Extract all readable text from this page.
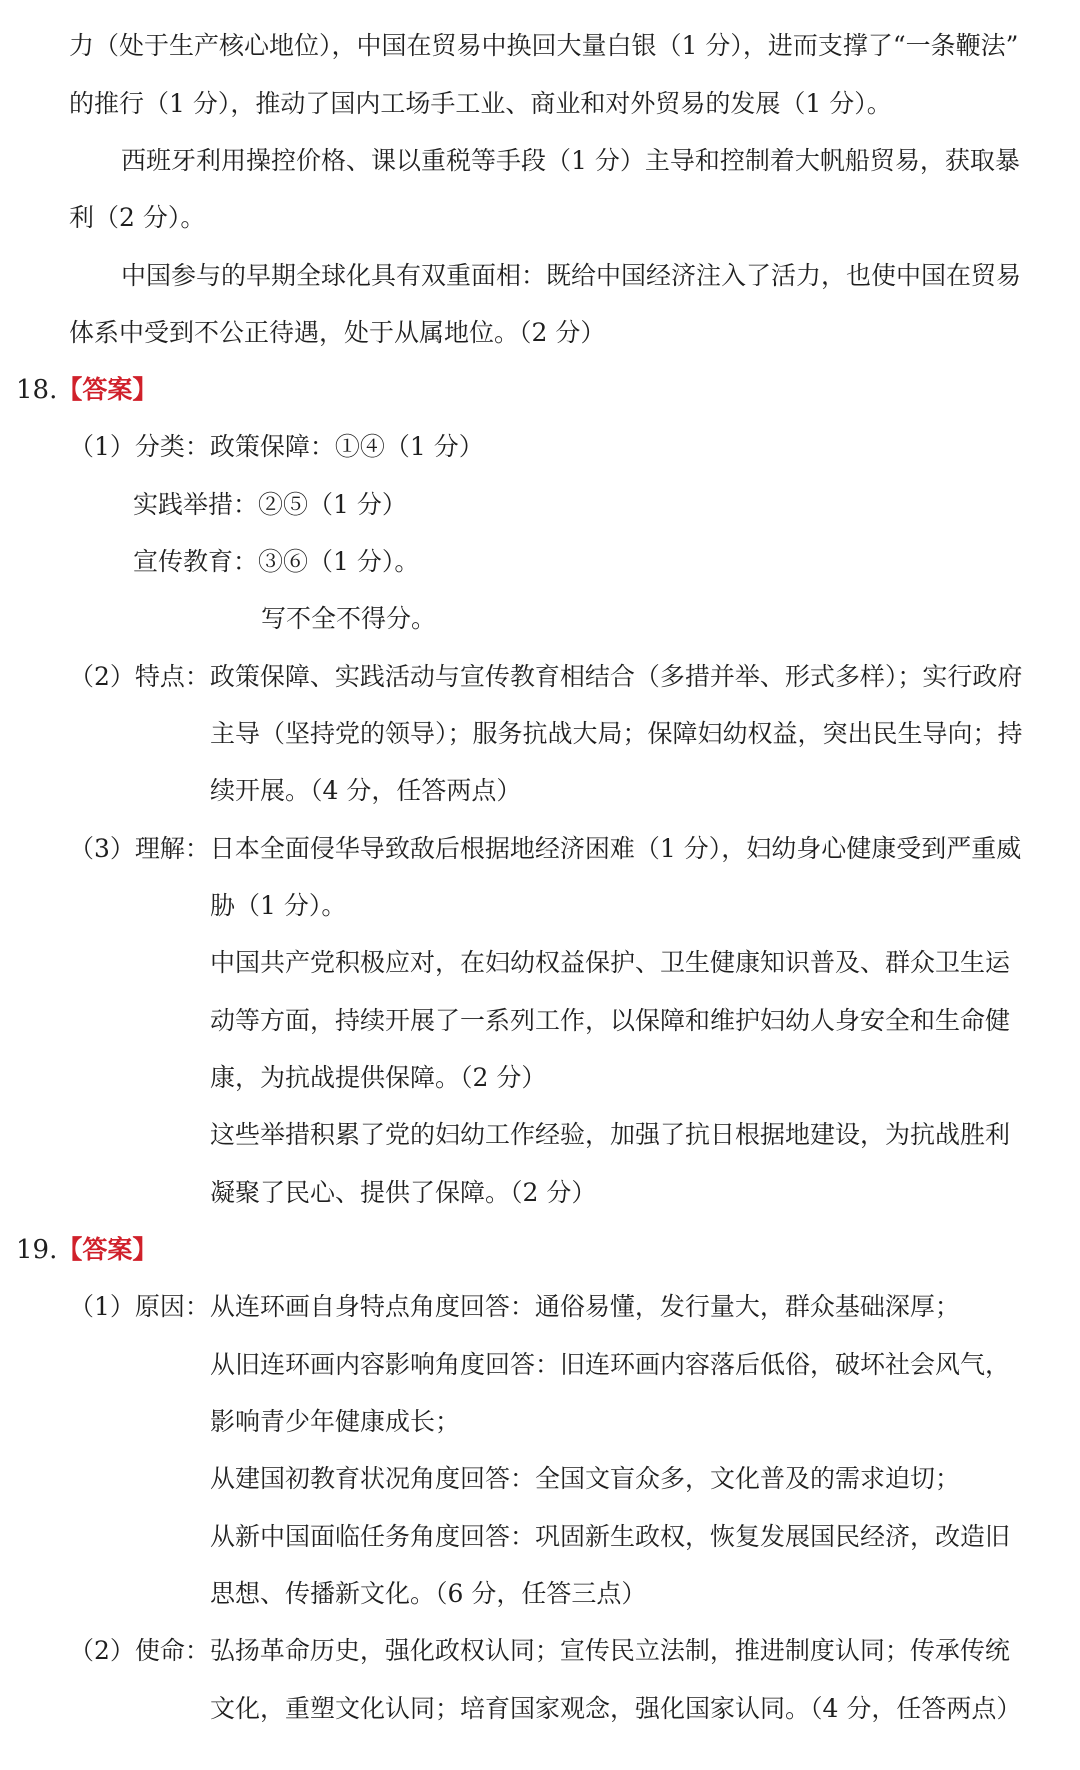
力（处于生产核心地位），中国在贸易中换回大量白银（1 分），进而支撑了“一条鞭法”
的推行（1 分），推动了国内工场手工业、商业和对外贸易的发展（1 分）。
西班牙利用操控价格、课以重税等手段（1 分）主导和控制着大帆船贸易，获取暴
利（2 分）。
中国参与的早期全球化具有双重面相：既给中国经济注入了活力，也使中国在贸易
体系中受到不公正待遇，处于从属地位。（2 分）
18.【答案】
（1）分类：政策保障：①④（1 分）
实践举措：②⑤（1 分）
宣传教育：③⑥（1 分）。
写不全不得分。
（2）特点：政策保障、实践活动与宣传教育相结合（多措并举、形式多样）；实行政府
主导（坚持党的领导）；服务抗战大局；保障妇幼权益，突出民生导向；持
续开展。（4 分，任答两点）
（3）理解：日本全面侵华导致敌后根据地经济困难（1 分），妇幼身心健康受到严重威
胁（1 分）。
中国共产党积极应对，在妇幼权益保护、卫生健康知识普及、群众卫生运
动等方面，持续开展了一系列工作，以保障和维护妇幼人身安全和生命健
康，为抗战提供保障。（2 分）
这些举措积累了党的妇幼工作经验，加强了抗日根据地建设，为抗战胜利
凝聚了民心、提供了保障。（2 分）
19.【答案】
（1）原因：从连环画自身特点角度回答：通俗易懂，发行量大，群众基础深厚；
从旧连环画内容影响角度回答：旧连环画内容落后低俗，破坏社会风气，
影响青少年健康成长；
从建国初教育状况角度回答：全国文盲众多，文化普及的需求迫切；
从新中国面临任务角度回答：巩固新生政权，恢复发展国民经济，改造旧
思想、传播新文化。（6 分，任答三点）
（2）使命：弘扬革命历史，强化政权认同；宣传民立法制，推进制度认同；传承传统
文化，重塑文化认同；培育国家观念，强化国家认同。（4 分，任答两点）
